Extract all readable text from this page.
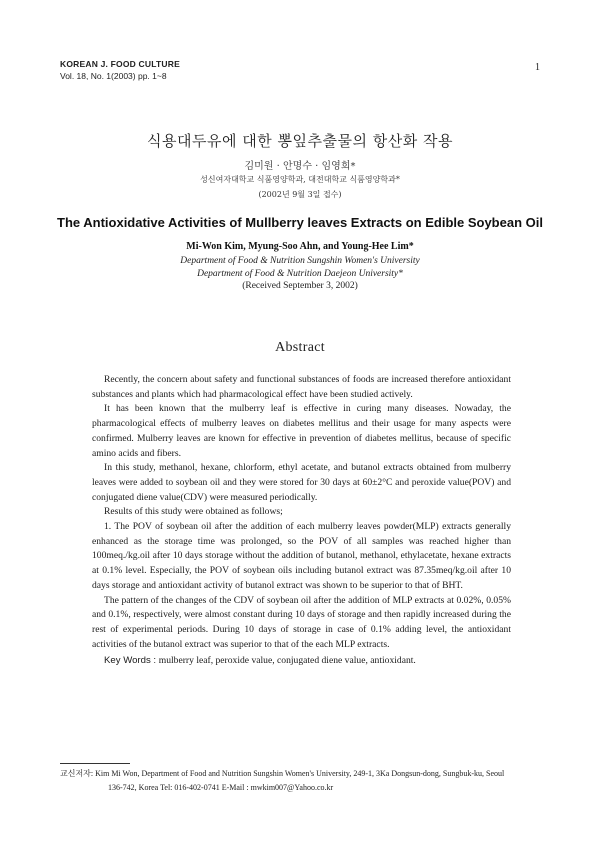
KOREAN J. FOOD CULTURE
Vol. 18, No. 1(2003) pp. 1~8
1
식용대두유에 대한 뽕잎추출물의 항산화 작용
김미원 · 안명수 · 임영희*
성신여자대학교 식품영양학과, 대전대학교 식품영양학과*
(2002년 9월 3일 접수)
The Antioxidative Activities of Mullberry leaves Extracts on Edible Soybean Oil
Mi-Won Kim, Myung-Soo Ahn, and Young-Hee Lim*
Department of Food & Nutrition Sungshin Women's University
Department of Food & Nutrition Daejeon University*
(Received September 3, 2002)
Abstract

Recently, the concern about safety and functional substances of foods are increased therefore antioxidant substances and plants which had pharmacological effect have been studied actively.

It has been known that the mulberry leaf is effective in curing many diseases. Nowaday, the pharmacological effects of mulberry leaves on diabetes mellitus and their usage for many aspects were confirmed. Mulberry leaves are known for effective in prevention of diabetes mellitus, because of specific amino acids and fibers.

In this study, methanol, hexane, chlorform, ethyl acetate, and butanol extracts obtained from mulberry leaves were added to soybean oil and they were stored for 30 days at 60±2°C and peroxide value(POV) and conjugated diene value(CDV) were measured periodically.

Results of this study were obtained as follows;

1. The POV of soybean oil after the addition of each mulberry leaves powder(MLP) extracts generally enhanced as the storage time was prolonged, so the POV of all samples was reached higher than 100meq./kg.oil after 10 days storage without the addition of butanol, methanol, ethylacetate, hexane extracts at 0.1% level. Especially, the POV of soybean oils including butanol extract was 87.35meq/kg.oil after 10 days storage and antioxidant activity of butanol extract was shown to be superior to that of BHT.

The pattern of the changes of the CDV of soybean oil after the addition of MLP extracts at 0.02%, 0.05% and 0.1%, respectively, were almost constant during 10 days of storage and then rapidly increased during the rest of experimental periods. During 10 days of storage in case of 0.1% adding level, the antioxidant activities of the butanol extract was superior to that of the each MLP extracts.

Key Words : mulberry leaf, peroxide value, conjugated diene value, antioxidant.

교신저자: Kim Mi Won, Department of Food and Nutrition Sungshin Women's University, 249-1, 3Ka Dongsun-dong, Sungbuk-ku, Seoul
136-742, Korea Tel: 016-402-0741 E-Mail : mwkim007@Yahoo.co.kr
